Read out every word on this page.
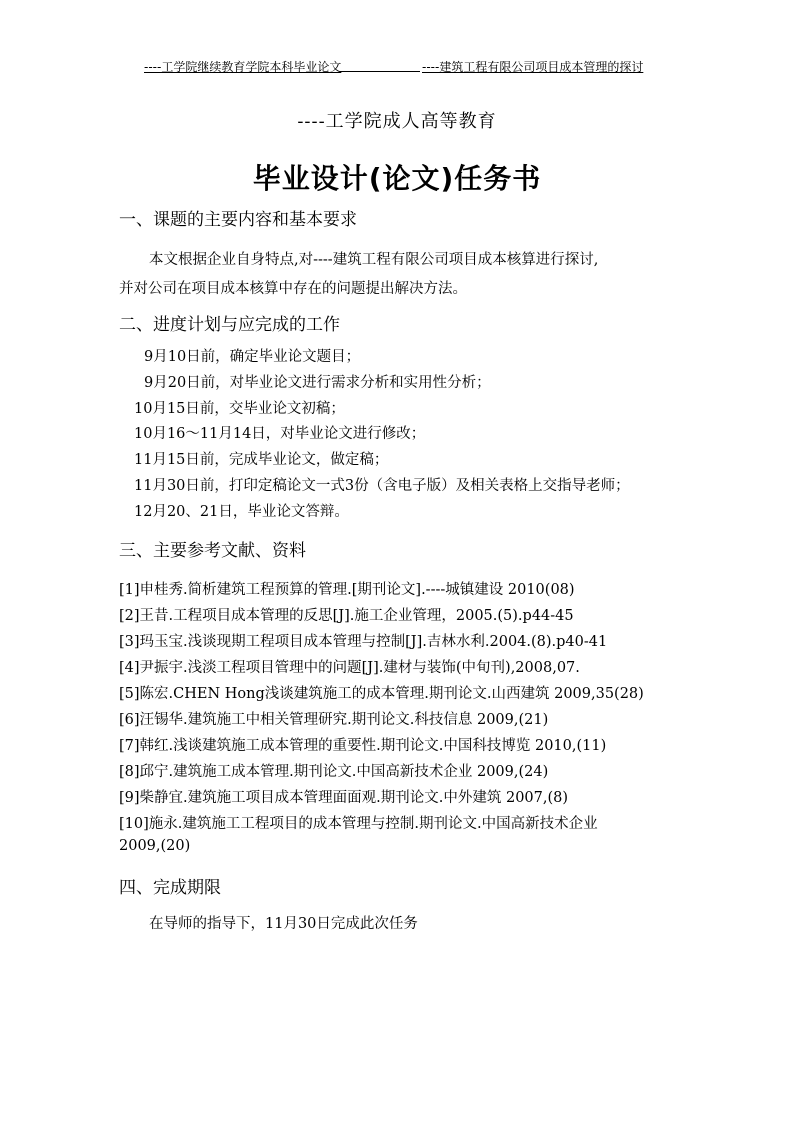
----工学院继续教育学院本科毕业论文	----建筑工程有限公司项目成本管理的探讨
----工学院成人高等教育
毕业设计(论文)任务书
一、课题的主要内容和基本要求
本文根据企业自身特点,对----建筑工程有限公司项目成本核算进行探讨,
并对公司在项目成本核算中存在的问题提出解决方法。
二、进度计划与应完成的工作
9月10日前，确定毕业论文题目；
9月20日前，对毕业论文进行需求分析和实用性分析；
10月15日前，交毕业论文初稿；
10月16～11月14日，对毕业论文进行修改；
11月15日前，完成毕业论文，做定稿；
11月30日前，打印定稿论文一式3份（含电子版）及相关表格上交指导老师；
12月20、21日，毕业论文答辩。
三、主要参考文献、资料
[1]申桂秀.简析建筑工程预算的管理.[期刊论文].----城镇建设 2010(08)
[2]王昔.工程项目成本管理的反思[J].施工企业管理，2005.(5).p44-45
[3]玛玉宝.浅谈现期工程项目成本管理与控制[J].吉林水利.2004.(8).p40-41
[4]尹振宇.浅淡工程项目管理中的问题[J].建材与装饰(中旬刊),2008,07.
[5]陈宏.CHEN Hong浅谈建筑施工的成本管理.期刊论文.山西建筑 2009,35(28)
[6]汪锡华.建筑施工中相关管理研究.期刊论文.科技信息 2009,(21)
[7]韩红.浅谈建筑施工成本管理的重要性.期刊论文.中国科技博览 2010,(11)
[8]邱宁.建筑施工成本管理.期刊论文.中国高新技术企业 2009,(24)
[9]柴静宜.建筑施工项目成本管理面面观.期刊论文.中外建筑 2007,(8)
[10]施永.建筑施工工程项目的成本管理与控制.期刊论文.中国高新技术企业
2009,(20)
四、完成期限
在导师的指导下，11月30日完成此次任务
